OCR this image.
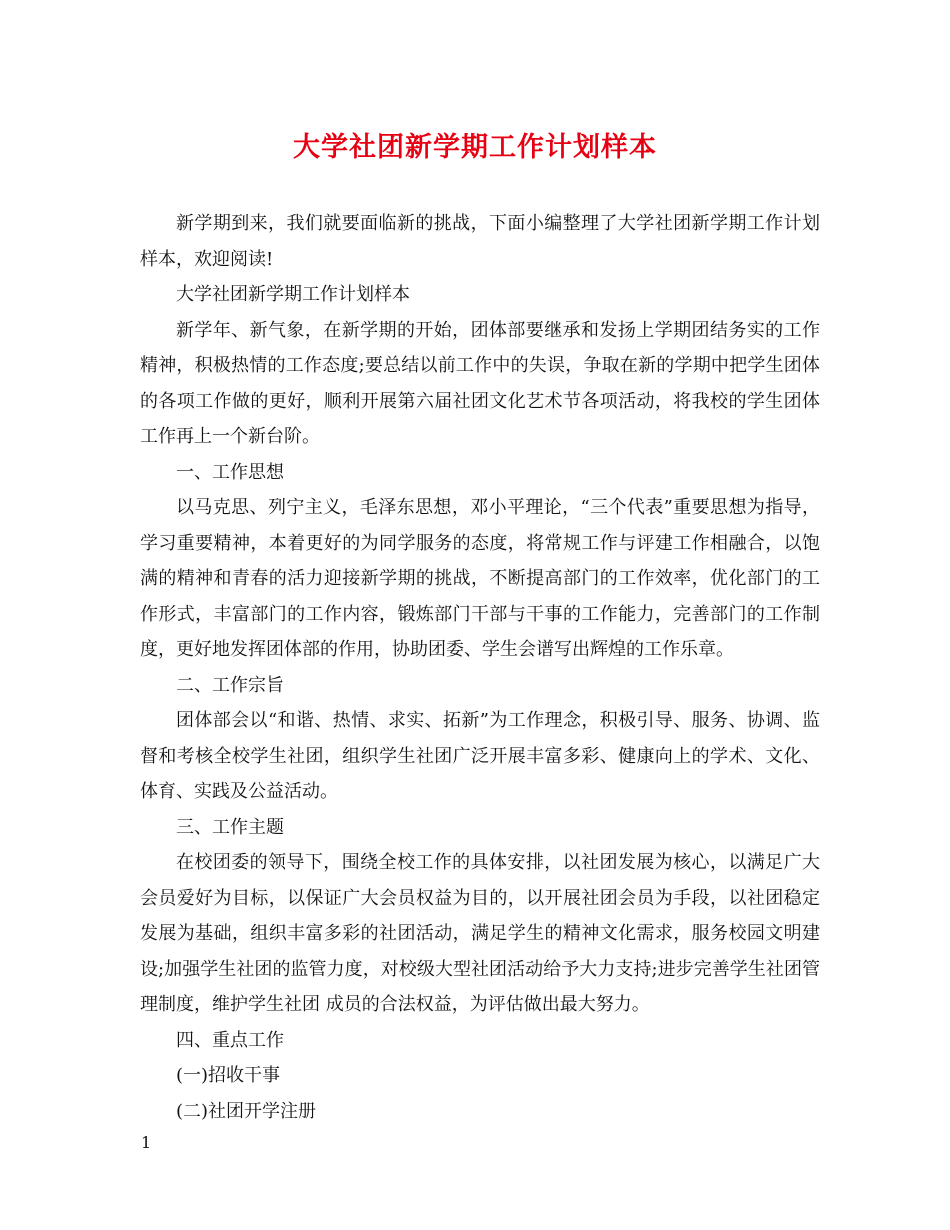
大学社团新学期工作计划样本

新学期到来，我们就要面临新的挑战，下面小编整理了大学社团新学期工作计划样本，欢迎阅读!

大学社团新学期工作计划样本

新学年、新气象，在新学期的开始，团体部要继承和发扬上学期团结务实的工作精神，积极热情的工作态度;要总结以前工作中的失误，争取在新的学期中把学生团体的各项工作做的更好，顺利开展第六届社团文化艺术节各项活动，将我校的学生团体工作再上一个新台阶。

一、工作思想

以马克思、列宁主义，毛泽东思想，邓小平理论，“三个代表”重要思想为指导，学习重要精神，本着更好的为同学服务的态度，将常规工作与评建工作相融合，以饱满的精神和青春的活力迎接新学期的挑战，不断提高部门的工作效率，优化部门的工作形式，丰富部门的工作内容，锻炼部门干部与干事的工作能力，完善部门的工作制度，更好地发挥团体部的作用，协助团委、学生会谱写出辉煌的工作乐章。

二、工作宗旨

团体部会以“和谐、热情、求实、拓新”为工作理念，积极引导、服务、协调、监督和考核全校学生社团，组织学生社团广泛开展丰富多彩、健康向上的学术、文化、体育、实践及公益活动。

三、工作主题

在校团委的领导下，围绕全校工作的具体安排，以社团发展为核心，以满足广大会员爱好为目标，以保证广大会员权益为目的，以开展社团会员为手段，以社团稳定发展为基础，组织丰富多彩的社团活动，满足学生的精神文化需求，服务校园文明建设;加强学生社团的监管力度，对校级大型社团活动给予大力支持;进步完善学生社团管理制度，维护学生社团 成员的合法权益，为评估做出最大努力。

四、重点工作

(一)招收干事

(二)社团开学注册

1
